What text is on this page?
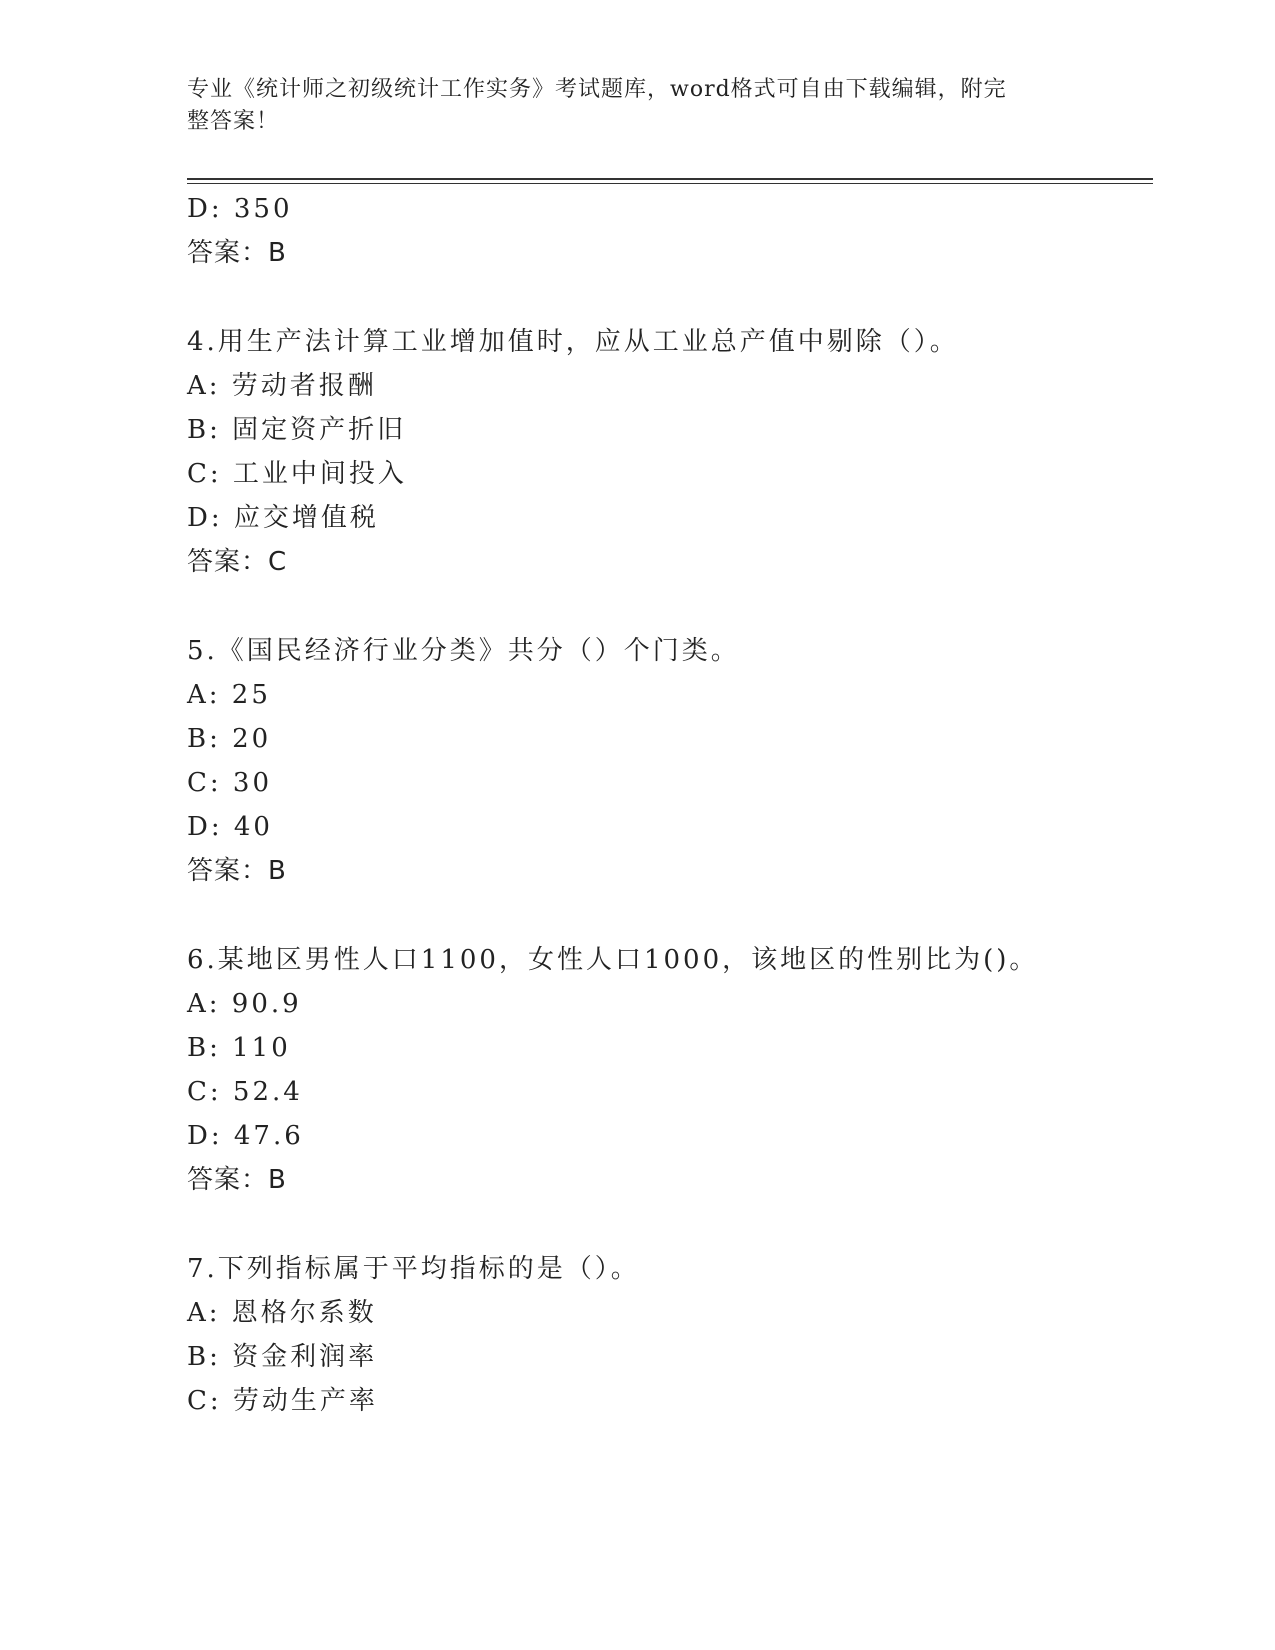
专业《统计师之初级统计工作实务》考试题库，word格式可自由下载编辑，附完
整答案！
D: 350
答案：B
4.用生产法计算工业增加值时，应从工业总产值中剔除（）。
A: 劳动者报酬
B: 固定资产折旧
C: 工业中间投入
D: 应交增值税
答案：C
5.《国民经济行业分类》共分（）个门类。
A: 25
B: 20
C: 30
D: 40
答案：B
6.某地区男性人口1100，女性人口1000，该地区的性别比为()。
A: 90.9
B: 110
C: 52.4
D: 47.6
答案：B
7.下列指标属于平均指标的是（）。
A: 恩格尔系数
B: 资金利润率
C: 劳动生产率
